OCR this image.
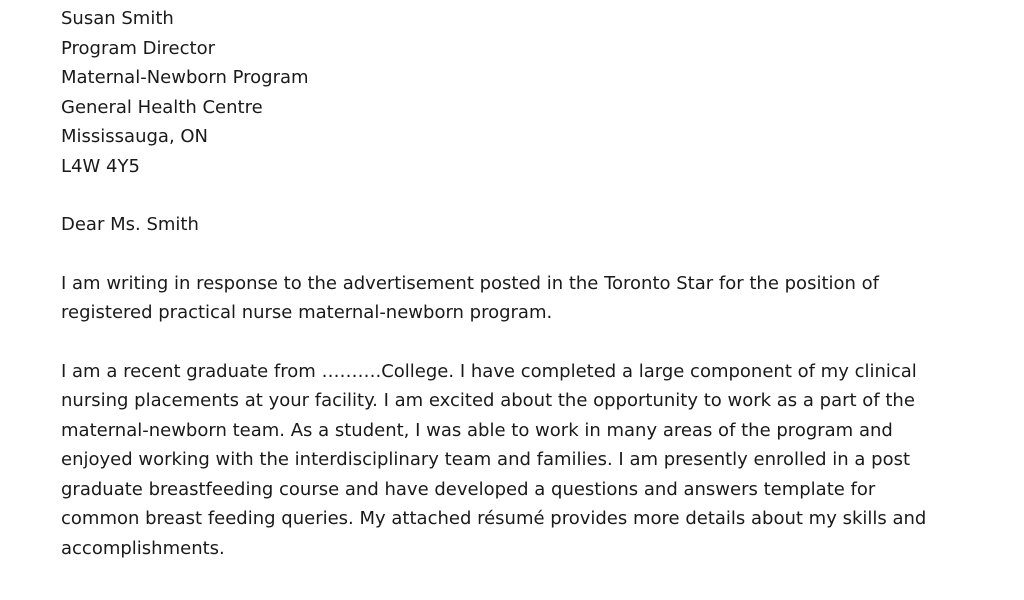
Susan Smith
Program Director
Maternal-Newborn Program
General Health Centre
Mississauga, ON
L4W 4Y5
Dear Ms. Smith
I am writing in response to the advertisement posted in the Toronto Star for the position of
registered practical nurse maternal-newborn program.
I am a recent graduate from ……….College. I have completed a large component of my clinical
nursing placements at your facility. I am excited about the opportunity to work as a part of the
maternal-newborn team. As a student, I was able to work in many areas of the program and
enjoyed working with the interdisciplinary team and families. I am presently enrolled in a post
graduate breastfeeding course and have developed a questions and answers template for
common breast feeding queries. My attached résumé provides more details about my skills and
accomplishments.
